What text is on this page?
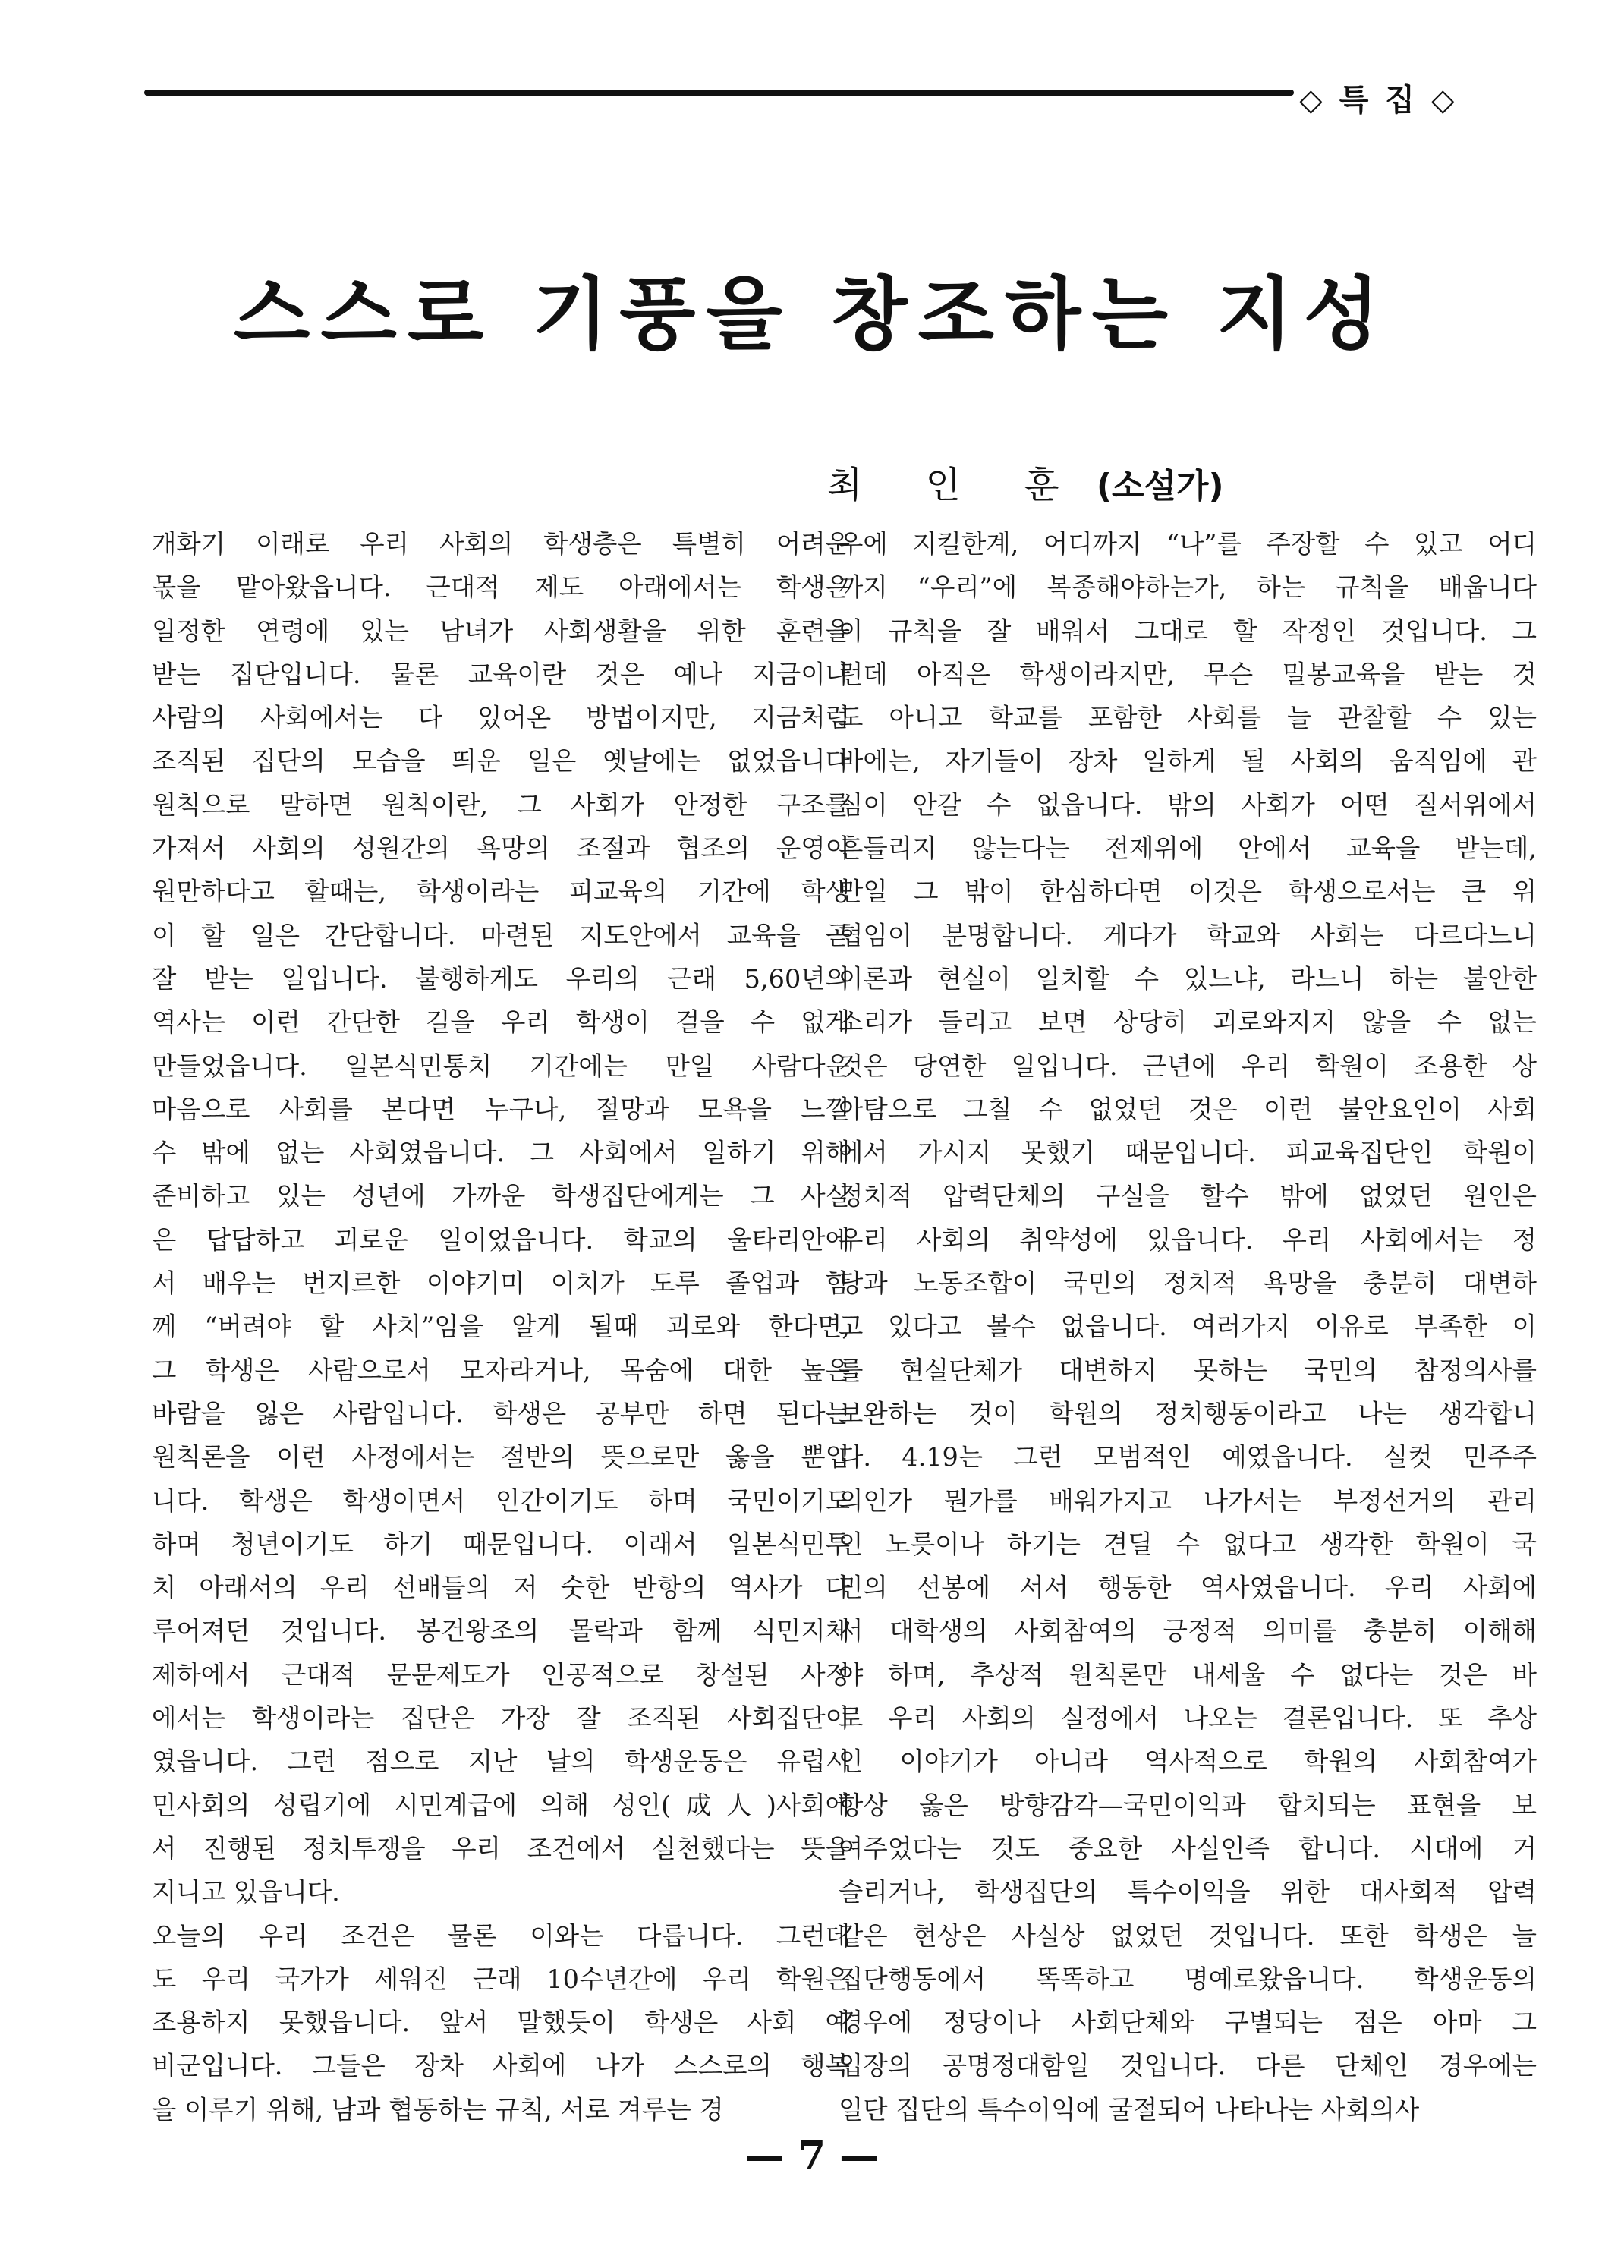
◇ 특 집 ◇
스스로 기풍을 창조하는 지성
최 인 훈 (소설가)
개화기 이래로 우리 사회의 학생층은 특별히 어려운
몫을 맡아왔읍니다. 근대적 제도 아래에서는 학생은
일정한 연령에 있는 남녀가 사회생활을 위한 훈련을
받는 집단입니다. 물론 교육이란 것은 예나 지금이나
사람의 사회에서는 다 있어온 방법이지만, 지금처럼
조직된 집단의 모습을 띄운 일은 옛날에는 없었읍니다
원칙으로 말하면 원칙이란, 그 사회가 안정한 구조를
가져서 사회의 성원간의 욕망의 조절과 협조의 운영이
원만하다고 할때는, 학생이라는 피교육의 기간에 학생
이 할 일은 간단합니다. 마련된 지도안에서 교육을 곧
잘 받는 일입니다. 불행하게도 우리의 근래 5,60년의
역사는 이런 간단한 길을 우리 학생이 걸을 수 없게
만들었읍니다. 일본식민통치 기간에는 만일 사람다운
마음으로 사회를 본다면 누구나, 절망과 모욕을 느낄
수 밖에 없는 사회였읍니다. 그 사회에서 일하기 위해
준비하고 있는 성년에 가까운 학생집단에게는 그 사실
은 답답하고 괴로운 일이었읍니다. 학교의 울타리안에
서 배우는 번지르한 이야기미 이치가 도루 졸업과 함
께 “버려야 할 사치”임을 알게 될때 괴로와 한다면,
그 학생은 사람으로서 모자라거나, 목숨에 대한 높은
바람을 잃은 사람입니다. 학생은 공부만 하면 된다는
원칙론을 이런 사정에서는 절반의 뜻으로만 옳을 뿐입
니다. 학생은 학생이면서 인간이기도 하며 국민이기도
하며 청년이기도 하기 때문입니다. 이래서 일본식민투
치 아래서의 우리 선배들의 저 숫한 반항의 역사가 다
루어져던 것입니다. 봉건왕조의 몰락과 함께 식민지체
제하에서 근대적 문문제도가 인공적으로 창설된 사정
에서는 학생이라는 집단은 가장 잘 조직된 사회집단이
였읍니다. 그런 점으로 지난 날의 학생운동은 유럽시
민사회의 성립기에 시민계급에 의해 성인(成人)사회에
서 진행된 정치투쟁을 우리 조건에서 실천했다는 뜻을
지니고 있읍니다.
오늘의 우리 조건은 물론 이와는 다릅니다. 그런데
도 우리 국가가 세워진 근래 10수년간에 우리 학원은
조용하지 못했읍니다. 앞서 말했듯이 학생은 사회 예
비군입니다. 그들은 장차 사회에 나가 스스로의 행복
을 이루기 위해, 남과 협동하는 규칙, 서로 겨루는 경
우에 지킬한계, 어디까지 “나”를 주장할 수 있고 어디
까지 “우리”에 복종해야하는가, 하는 규칙을 배웁니다
이 규칙을 잘 배워서 그대로 할 작정인 것입니다. 그
런데 아직은 학생이라지만, 무슨 밀봉교육을 받는 것
도 아니고 학교를 포함한 사회를 늘 관찰할 수 있는
바에는, 자기들이 장차 일하게 될 사회의 움직임에 관
심이 안갈 수 없읍니다. 밖의 사회가 어떤 질서위에서
흔들리지 않는다는 전제위에 안에서 교육을 받는데,
만일 그 밖이 한심하다면 이것은 학생으로서는 큰 위
협임이 분명합니다. 게다가 학교와 사회는 다르다느니
이론과 현실이 일치할 수 있느냐, 라느니 하는 불안한
소리가 들리고 보면 상당히 괴로와지지 않을 수 없는
것은 당연한 일입니다. 근년에 우리 학원이 조용한 상
아탐으로 그칠 수 없었던 것은 이런 불안요인이 사회
에서 가시지 못했기 때문입니다. 피교육집단인 학원이
정치적 압력단체의 구실을 할수 밖에 없었던 원인은
우리 사회의 취약성에 있읍니다. 우리 사회에서는 정
당과 노동조합이 국민의 정치적 욕망을 충분히 대변하
고 있다고 볼수 없읍니다. 여러가지 이유로 부족한 이
를 현실단체가 대변하지 못하는 국민의 참정의사를
보완하는 것이 학원의 정치행동이라고 나는 생각합니
다. 4.19는 그런 모범적인 예였읍니다. 실컷 민주주
의인가 뭔가를 배워가지고 나가서는 부정선거의 관리
인 노릇이나 하기는 견딜 수 없다고 생각한 학원이 국
민의 선봉에 서서 행동한 역사였읍니다. 우리 사회에
서 대학생의 사회참여의 긍정적 의미를 충분히 이해해
야 하며, 추상적 원칙론만 내세울 수 없다는 것은 바
로 우리 사회의 실정에서 나오는 결론입니다. 또 추상
인 이야기가 아니라 역사적으로 학원의 사회참여가
항상 옳은 방향감각—국민이익과 합치되는 표현을 보
여주었다는 것도 중요한 사실인즉 합니다. 시대에 거
슬리거나, 학생집단의 특수이익을 위한 대사회적 압력
같은 현상은 사실상 없었던 것입니다. 또한 학생은 늘
집단행동에서 똑똑하고 명예로왔읍니다. 학생운동의
경우에 정당이나 사회단체와 구별되는 점은 아마 그
입장의 공명정대함일 것입니다. 다른 단체인 경우에는
일단 집단의 특수이익에 굴절되어 나타나는 사회의사
— 7 —
